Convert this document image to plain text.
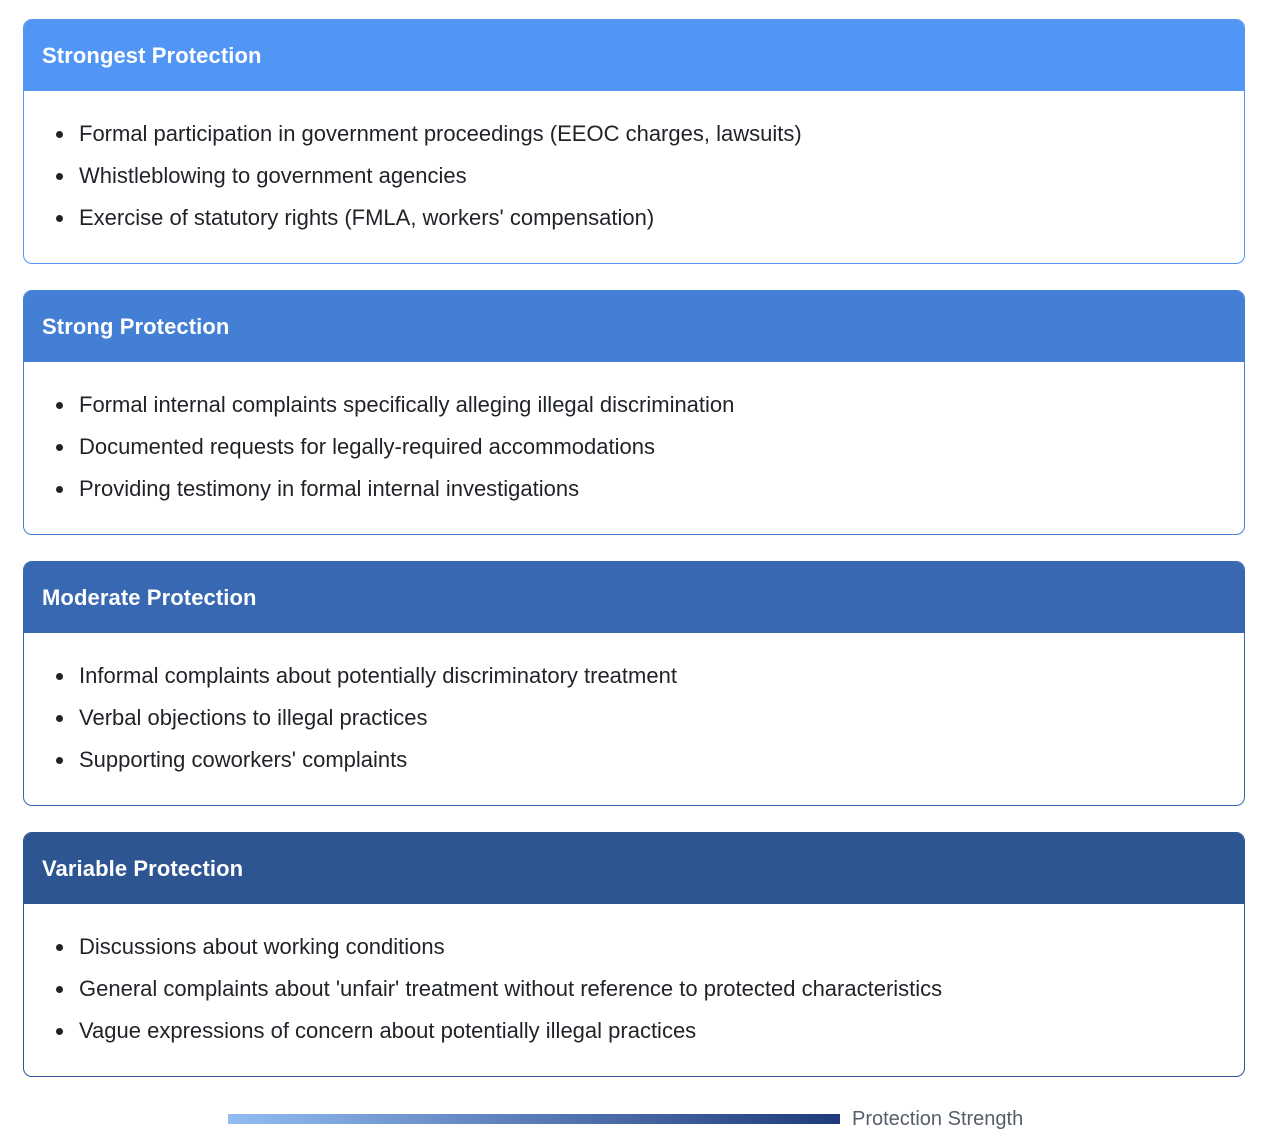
Strongest Protection
Formal participation in government proceedings (EEOC charges, lawsuits)
Whistleblowing to government agencies
Exercise of statutory rights (FMLA, workers' compensation)
Strong Protection
Formal internal complaints specifically alleging illegal discrimination
Documented requests for legally-required accommodations
Providing testimony in formal internal investigations
Moderate Protection
Informal complaints about potentially discriminatory treatment
Verbal objections to illegal practices
Supporting coworkers' complaints
Variable Protection
Discussions about working conditions
General complaints about 'unfair' treatment without reference to protected characteristics
Vague expressions of concern about potentially illegal practices
Protection Strength
